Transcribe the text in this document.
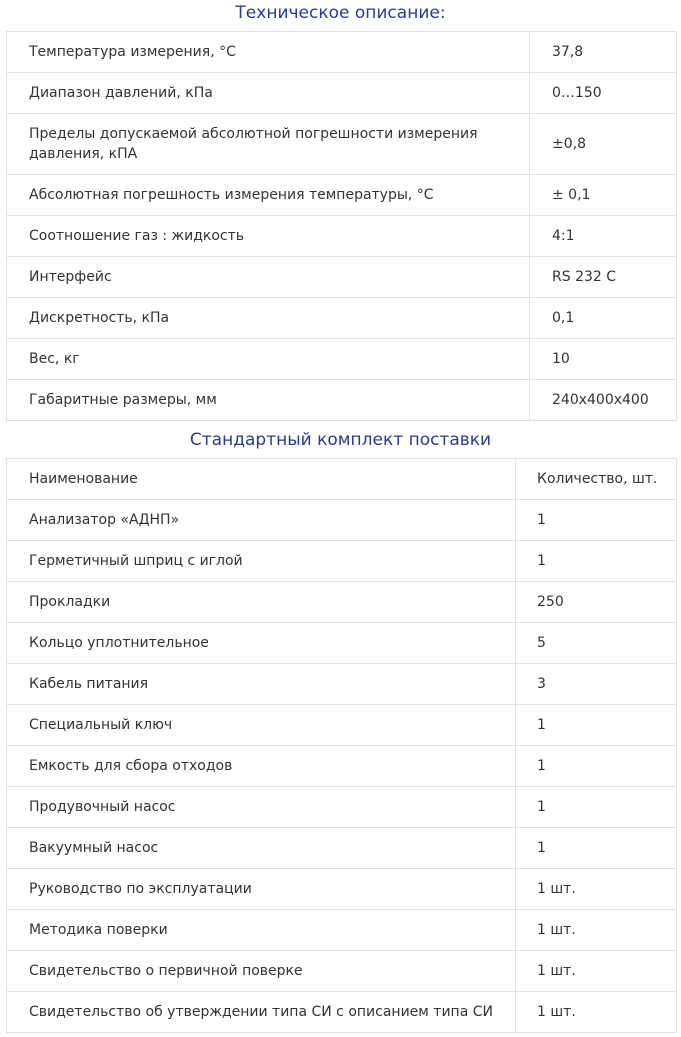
Техническое описание:
Температура измерения, °С	37,8
Диапазон давлений, кПа	0…150
Пределы допускаемой абсолютной погрешности измерения давления, кПА	±0,8
Абсолютная погрешность измерения температуры, °С	± 0,1
Соотношение газ : жидкость	4:1
Интерфейс	RS 232 С
Дискретность, кПа	0,1
Вес, кг	10
Габаритные размеры, мм	240х400х400
Стандартный комплект поставки
Наименование	Количество, шт.
Анализатор «АДНП»	1
Герметичный шприц с иглой	1
Прокладки	250
Кольцо уплотнительное	5
Кабель питания	3
Специальный ключ	1
Емкость для сбора отходов	1
Продувочный насос	1
Вакуумный насос	1
Руководство по эксплуатации	1 шт.
Методика поверки	1 шт.
Свидетельство о первичной поверке	1 шт.
Свидетельство об утверждении типа СИ с описанием типа СИ	1 шт.
